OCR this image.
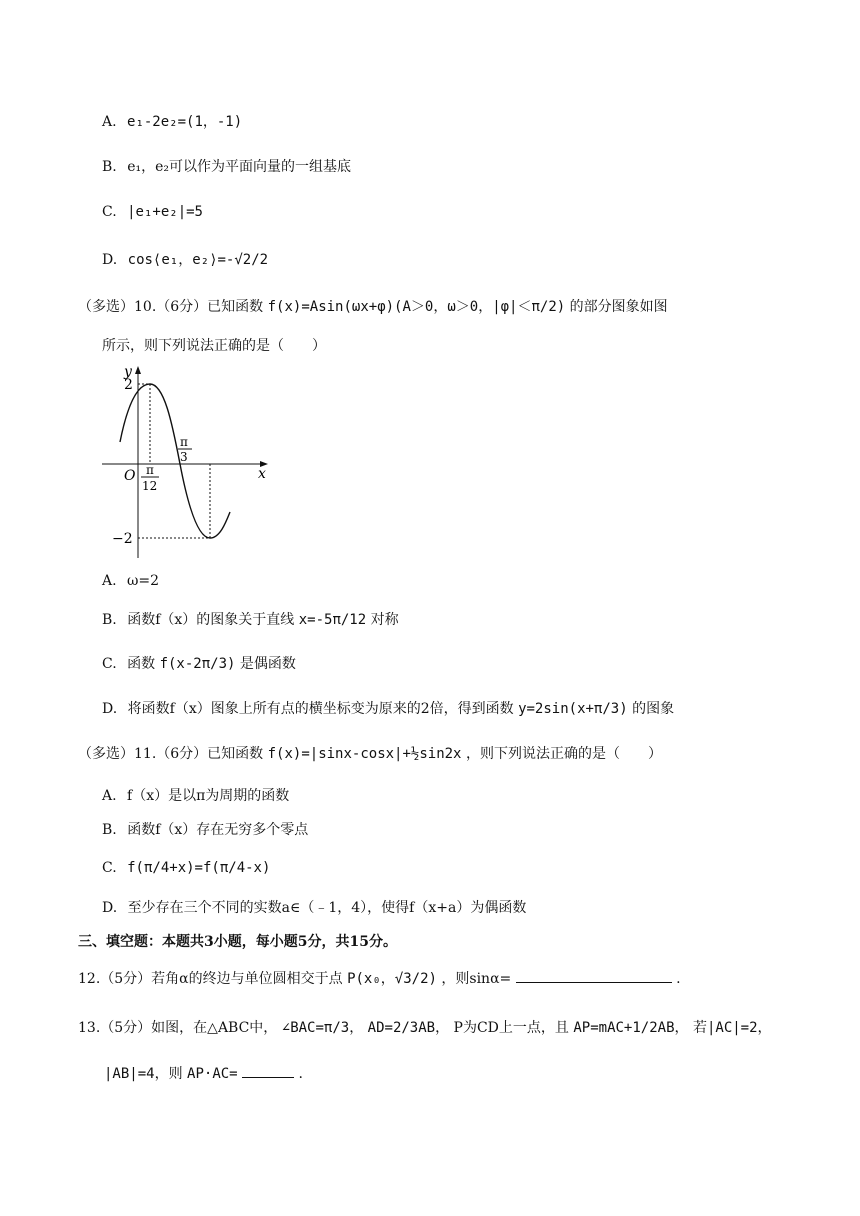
A. e₁-2e₂=(1，-1)
B. e₁，e₂可以作为平面向量的一组基底
C. |e₁+e₂|=5
D. cos⟨e₁，e₂⟩=-√2/2
（多选）10.（6分）已知函数 f(x)=Asin(ωx+φ)(A＞0，ω＞0，|φ|＜π/2) 的部分图象如图
所示，则下列说法正确的是（　　）
y
x
O
2
−2
π
12
π
3
A. ω=2
B. 函数f（x）的图象关于直线 x=-5π/12 对称
C. 函数 f(x-2π/3) 是偶函数
D. 将函数f（x）图象上所有点的横坐标变为原来的2倍，得到函数 y=2sin(x+π/3) 的图象
（多选）11.（6分）已知函数 f(x)=|sinx-cosx|+½sin2x ，则下列说法正确的是（　　）
A. f（x）是以π为周期的函数
B. 函数f（x）存在无穷多个零点
C. f(π/4+x)=f(π/4-x)
D. 至少存在三个不同的实数a∈（﹣1，4），使得f（x+a）为偶函数
三、填空题：本题共3小题，每小题5分，共15分。
12.（5分）若角α的终边与单位圆相交于点 P(x₀，√3/2) ，则sinα=	.
13.（5分）如图，在△ABC中， ∠BAC=π/3， AD=2/3AB， P为CD上一点，且 AP=mAC+1/2AB， 若|AC|=2，
|AB|=4，则 AP·AC=	.
